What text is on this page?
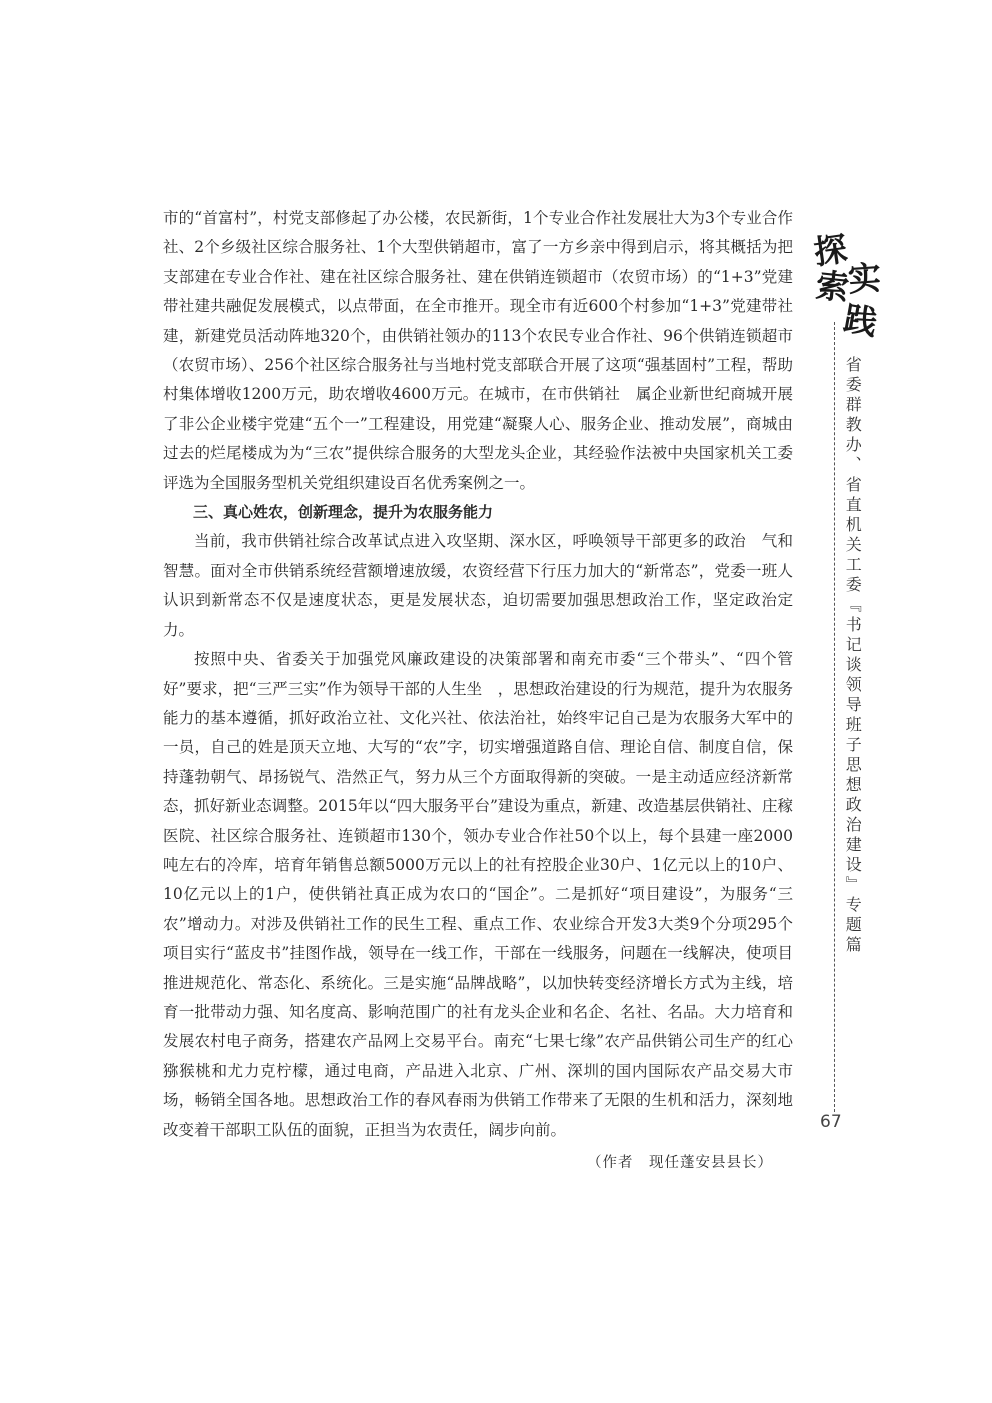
市的“首富村”，村党支部修起了办公楼，农民新街，1个专业合作社发展壮大为3个专业合作社、2个乡级社区综合服务社、1个大型供销超市，富了一方乡亲中得到启示，将其概括为把支部建在专业合作社、建在社区综合服务社、建在供销连锁超市（农贸市场）的“1+3”党建带社建共融促发展模式，以点带面，在全市推开。现全市有近600个村参加“1+3”党建带社建，新建党员活动阵地320个，由供销社领办的113个农民专业合作社、96个供销连锁超市（农贸市场）、256个社区综合服务社与当地村党支部联合开展了这项“强基固村”工程，帮助村集体增收1200万元，助农增收4600万元。在城市，在市供销社　属企业新世纪商城开展了非公企业楼宇党建“五个一”工程建设，用党建“凝聚人心、服务企业、推动发展”，商城由过去的烂尾楼成为为“三农”提供综合服务的大型龙头企业，其经验作法被中央国家机关工委评选为全国服务型机关党组织建设百名优秀案例之一。

三、真心姓农，创新理念，提升为农服务能力

当前，我市供销社综合改革试点进入攻坚期、深水区，呼唤领导干部更多的政治　气和智慧。面对全市供销系统经营额增速放缓，农资经营下行压力加大的“新常态”，党委一班人认识到新常态不仅是速度状态，更是发展状态，迫切需要加强思想政治工作，坚定政治定力。

按照中央、省委关于加强党风廉政建设的决策部署和南充市委“三个带头”、“四个管好”要求，把“三严三实”作为领导干部的人生坐　，思想政治建设的行为规范，提升为农服务能力的基本遵循，抓好政治立社、文化兴社、依法治社，始终牢记自己是为农服务大军中的一员，自己的姓是顶天立地、大写的“农”字，切实增强道路自信、理论自信、制度自信，保持蓬勃朝气、昂扬锐气、浩然正气，努力从三个方面取得新的突破。一是主动适应经济新常态，抓好新业态调整。2015年以“四大服务平台”建设为重点，新建、改造基层供销社、庄稼医院、社区综合服务社、连锁超市130个，领办专业合作社50个以上，每个县建一座2000吨左右的冷库，培育年销售总额5000万元以上的社有控股企业30户、1亿元以上的10户、10亿元以上的1户，使供销社真正成为农口的“国企”。二是抓好“项目建设”，为服务“三农”增动力。对涉及供销社工作的民生工程、重点工作、农业综合开发3大类9个分项295个项目实行“蓝皮书”挂图作战，领导在一线工作，干部在一线服务，问题在一线解决，使项目推进规范化、常态化、系统化。三是实施“品牌战略”，以加快转变经济增长方式为主线，培育一批带动力强、知名度高、影响范围广的社有龙头企业和名企、名社、名品。大力培育和发展农村电子商务，搭建农产品网上交易平台。南充“七果七缘”农产品供销公司生产的红心猕猴桃和尤力克柠檬，通过电商，产品进入北京、广州、深圳的国内国际农产品交易大市场，畅销全国各地。思想政治工作的春风春雨为供销工作带来了无限的生机和活力，深刻地改变着干部职工队伍的面貌，正担当为农责任，阔步向前。

（作者　现任蓬安县县长）

探
索
实
践
省委群教办、省直机关工委『书记谈领导班子思想政治建设』专题篇
67
